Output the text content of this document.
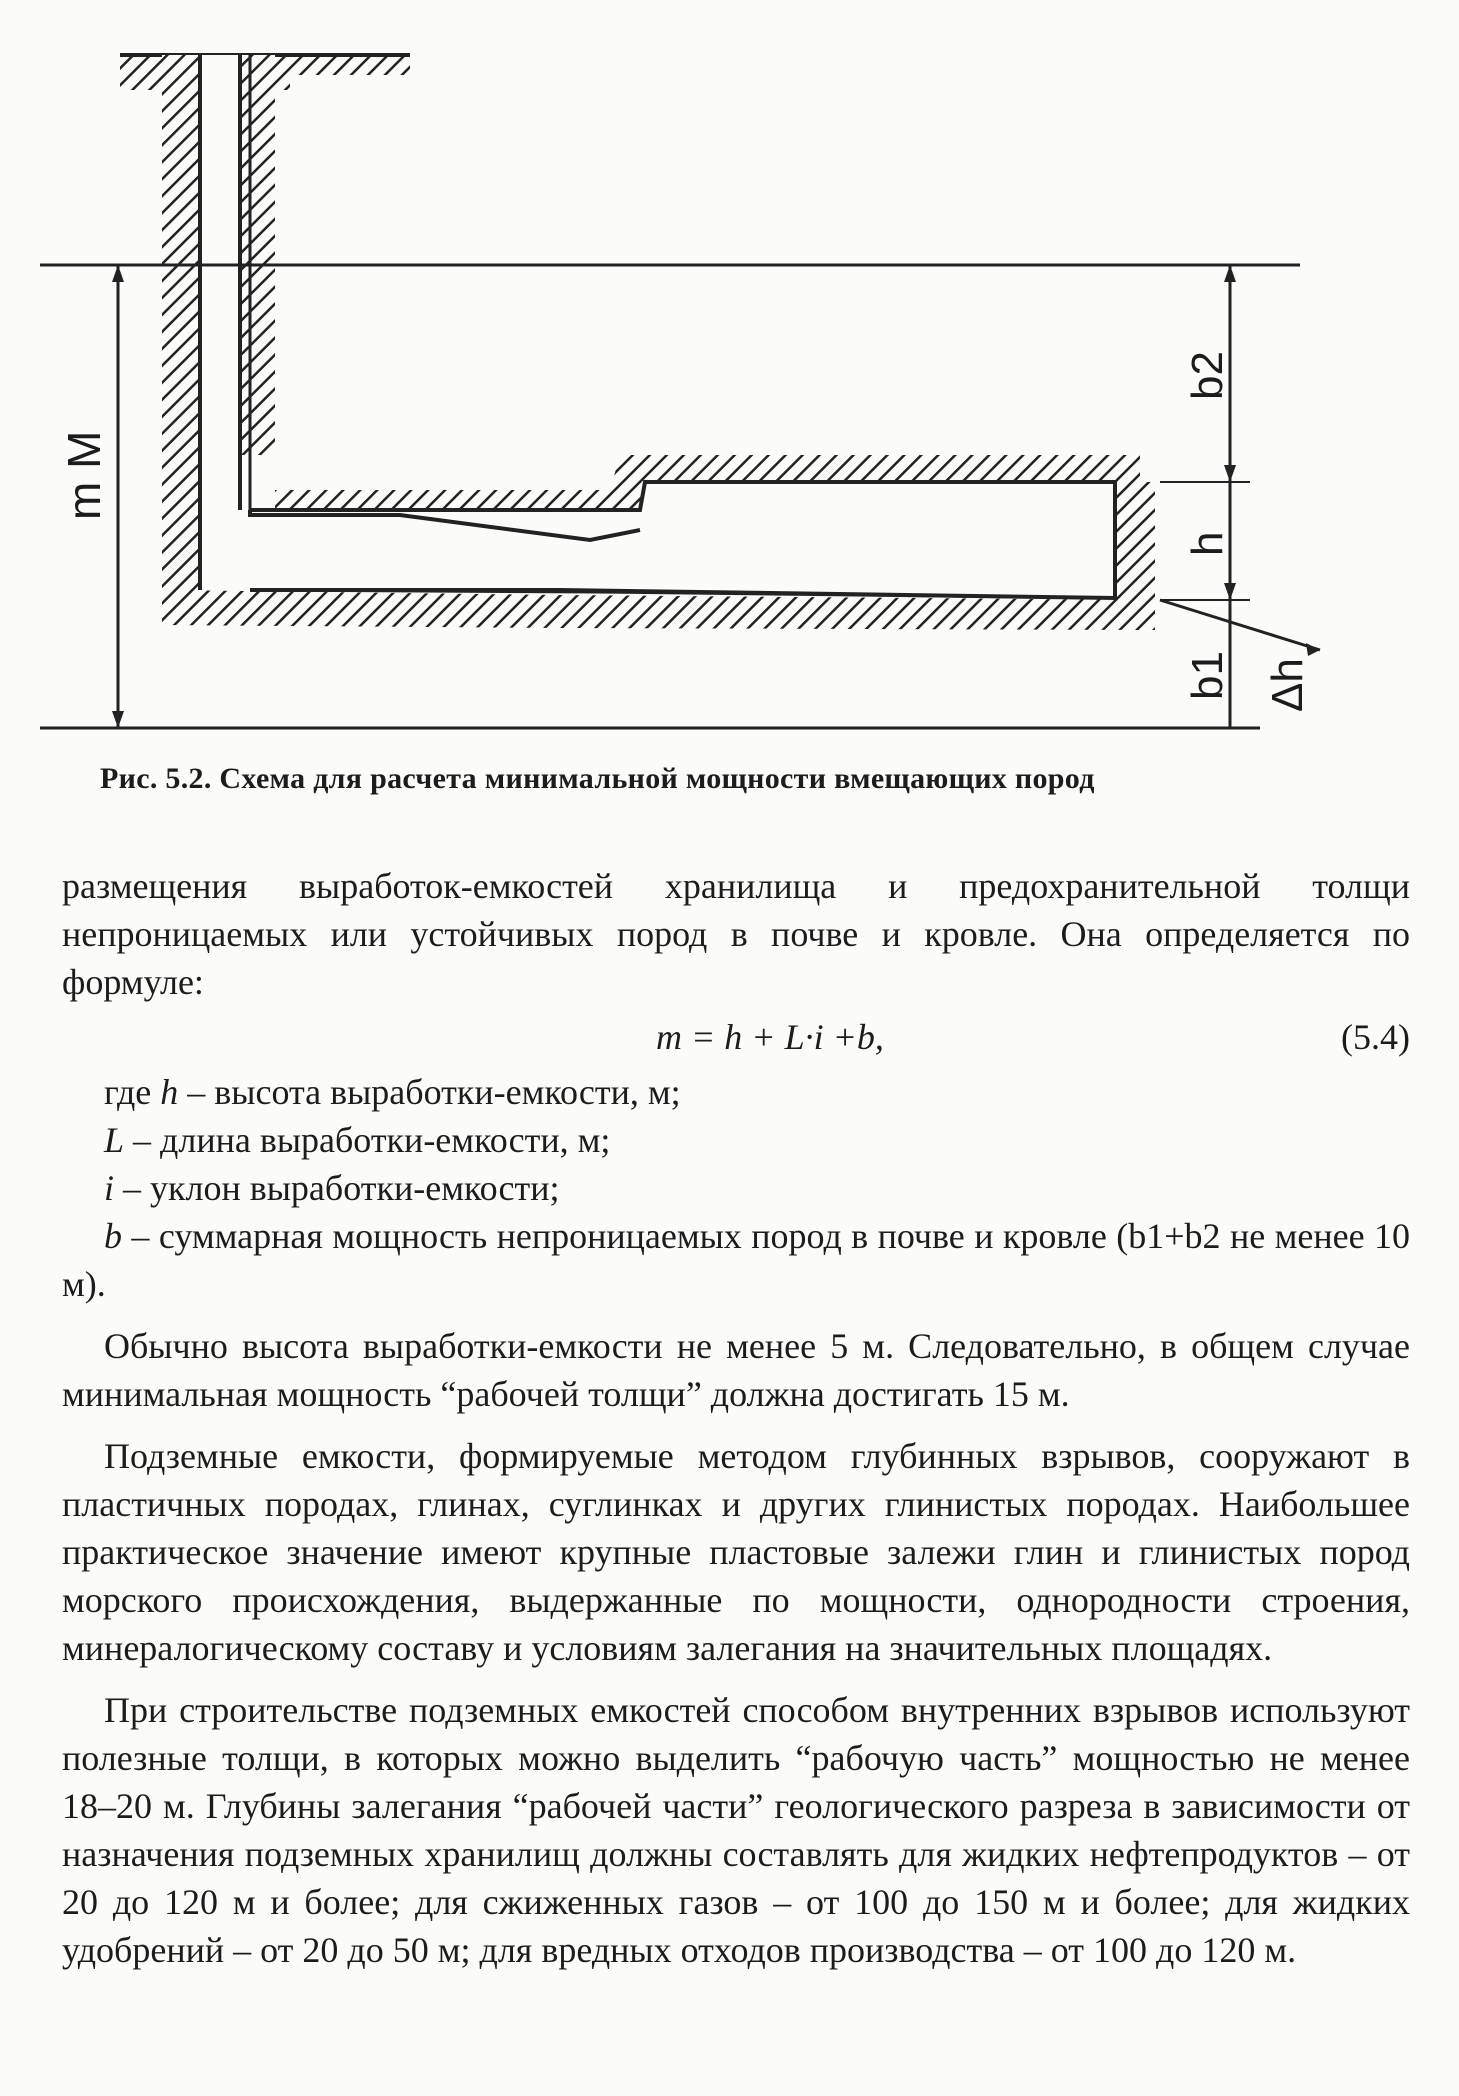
m M
b2
h
b1 Δh
Рис. 5.2. Схема для расчета минимальной мощности вмещающих пород

размещения выработок-емкостей хранилища и предохранительной толщи непроницаемых или устойчивых пород в почве и кровле. Она определяется по формуле:

m = h + L·i +b,	(5.4)

где h – высота выработки-емкости, м;

L – длина выработки-емкости, м;

i – уклон выработки-емкости;

b – суммарная мощность непроницаемых пород в почве и кровле (b1+b2 не менее 10 м).

Обычно высота выработки-емкости не менее 5 м. Следовательно, в общем случае минимальная мощность “рабочей толщи” должна достигать 15 м.

Подземные емкости, формируемые методом глубинных взрывов, сооружают в пластичных породах, глинах, суглинках и других глинистых породах. Наибольшее практическое значение имеют крупные пластовые залежи глин и глинистых пород морского происхождения, выдержанные по мощности, однородности строения, минералогическому составу и условиям залегания на значительных площадях.

При строительстве подземных емкостей способом внутренних взрывов используют полезные толщи, в которых можно выделить “рабочую часть” мощностью не менее 18–20 м. Глубины залегания “рабочей части” геологического разреза в зависимости от назначения подземных хранилищ должны составлять для жидких нефтепродуктов – от 20 до 120 м и более; для сжиженных газов – от 100 до 150 м и более; для жидких удобрений – от 20 до 50 м; для вредных отходов производства – от 100 до 120 м.
